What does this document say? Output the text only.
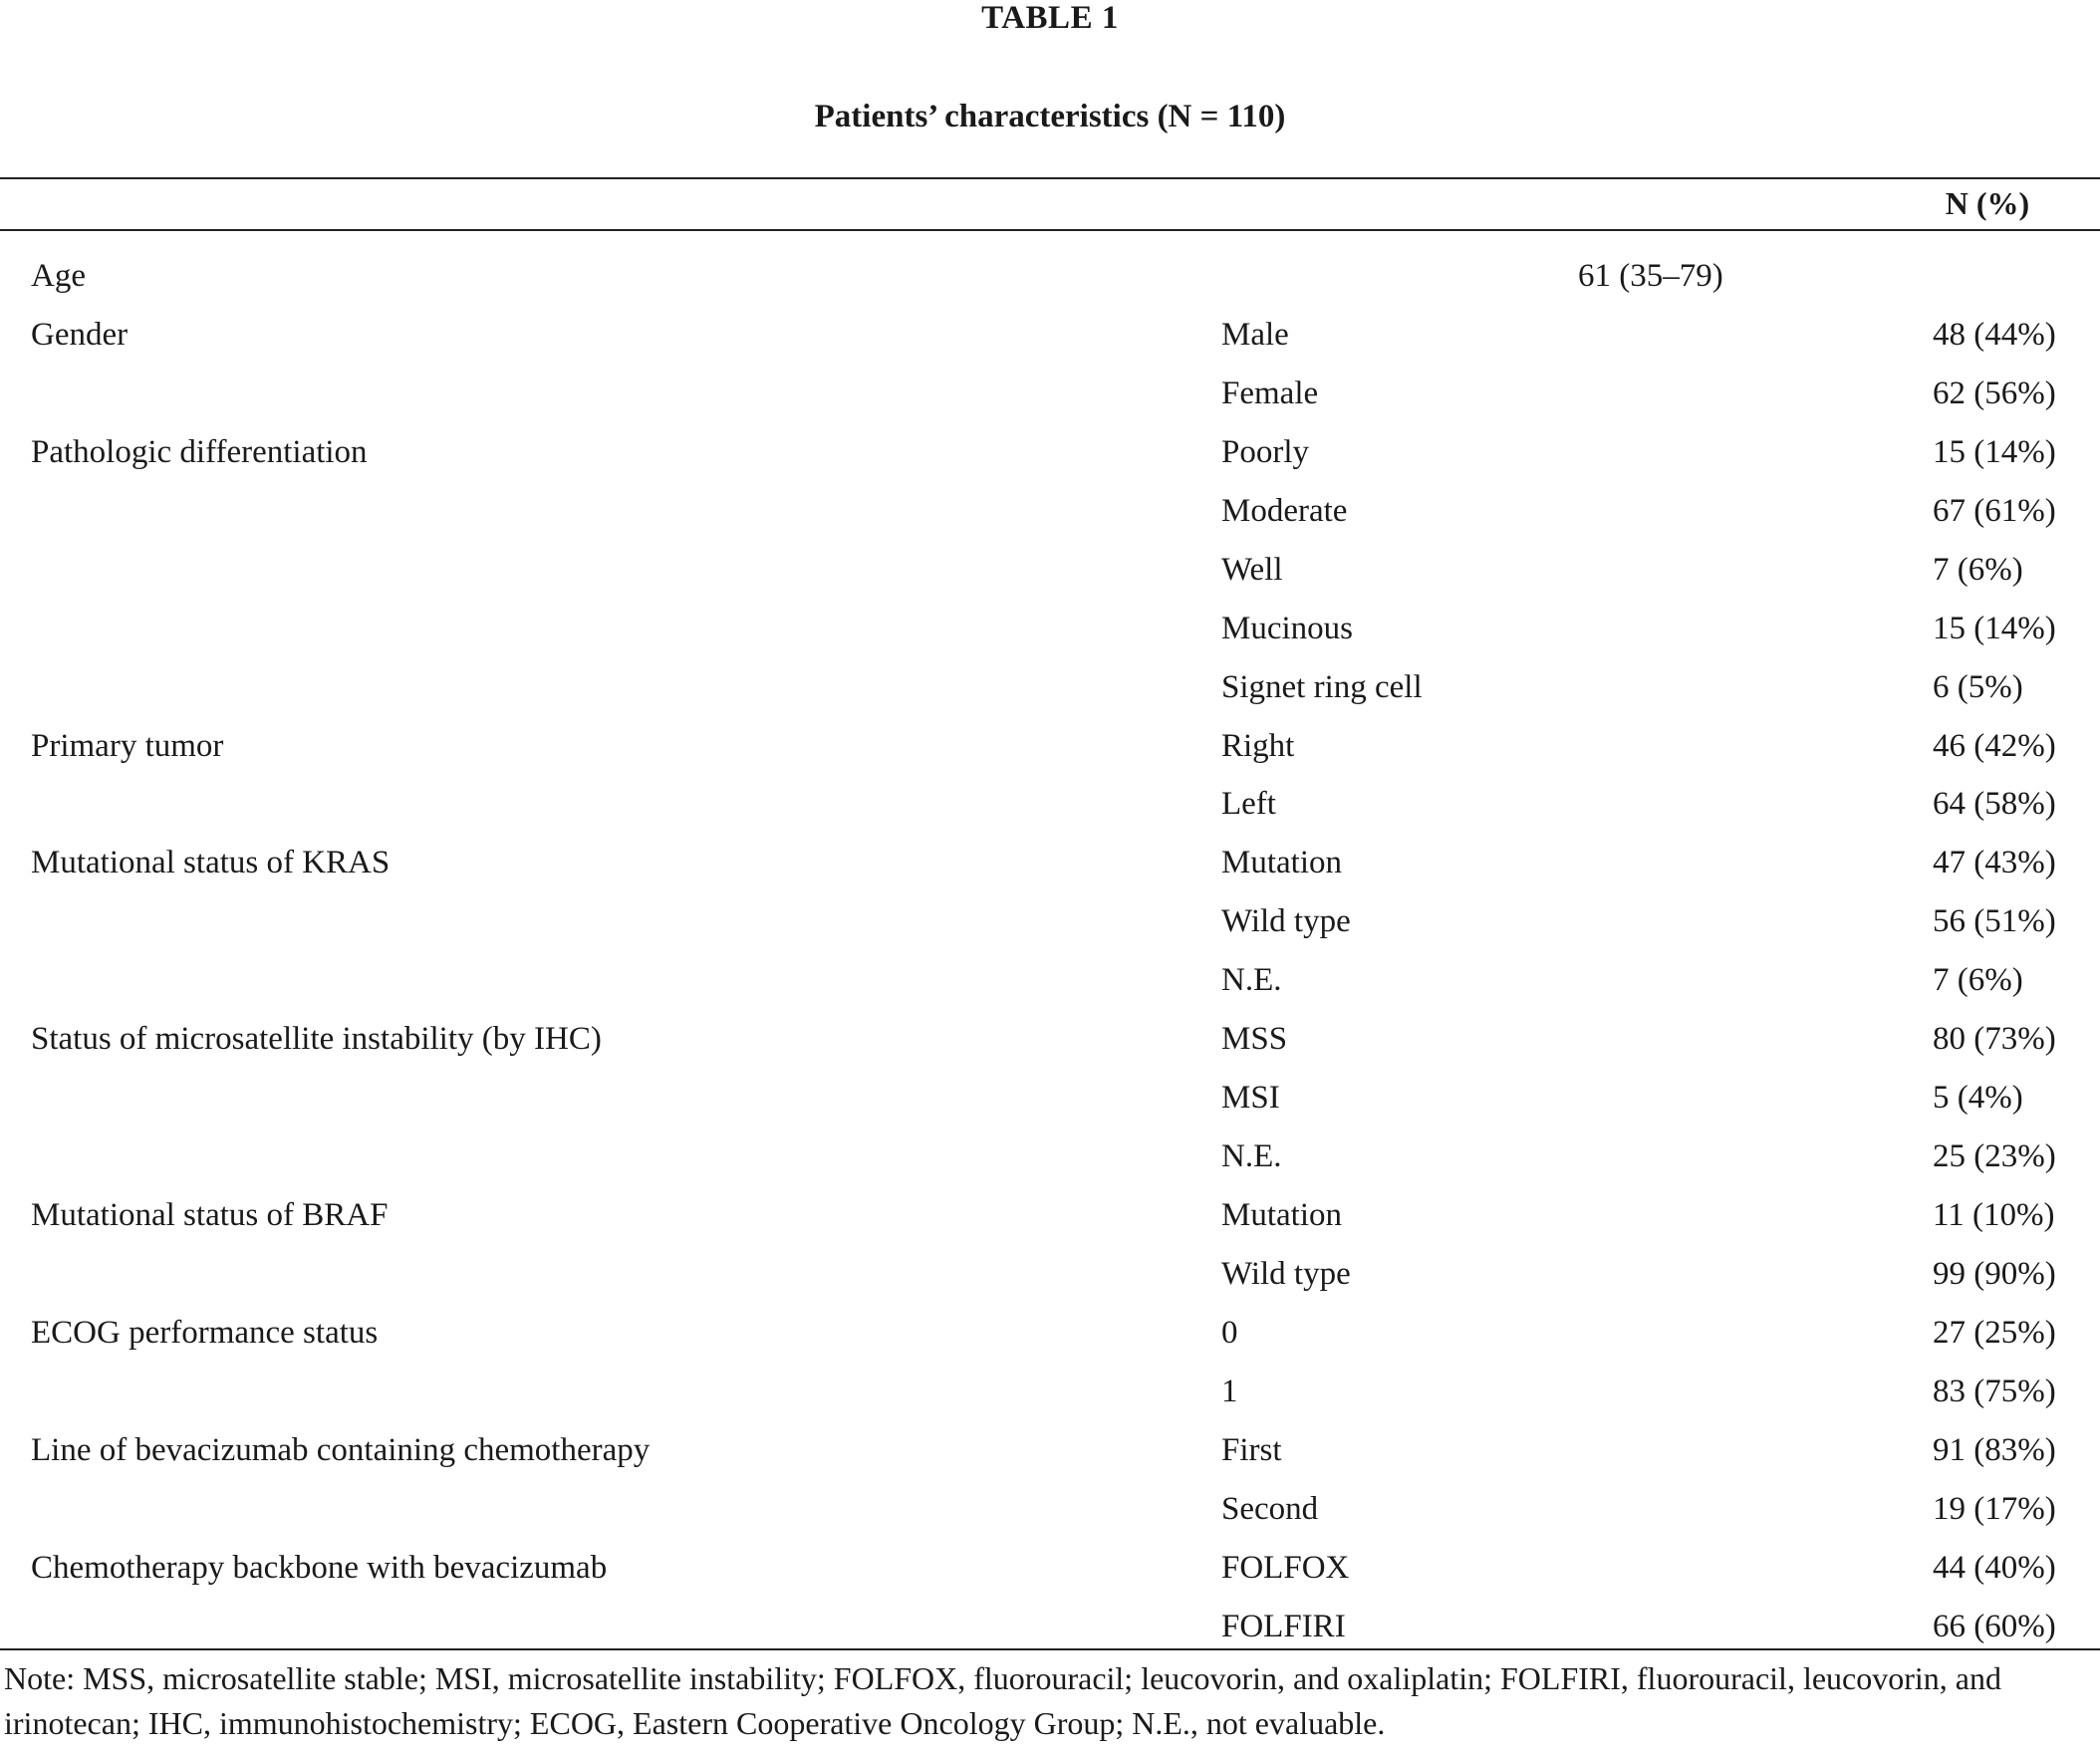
TABLE 1
Patients’ characteristics (N = 110)
N (%)
Age	61 (35–79)
Gender	Male	48 (44%)
Female	62 (56%)
Pathologic differentiation	Poorly	15 (14%)
Moderate	67 (61%)
Well	7 (6%)
Mucinous	15 (14%)
Signet ring cell	6 (5%)
Primary tumor	Right	46 (42%)
Left	64 (58%)
Mutational status of KRAS	Mutation	47 (43%)
Wild type	56 (51%)
N.E.	7 (6%)
Status of microsatellite instability (by IHC)	MSS	80 (73%)
MSI	5 (4%)
N.E.	25 (23%)
Mutational status of BRAF	Mutation	11 (10%)
Wild type	99 (90%)
ECOG performance status	0	27 (25%)
1	83 (75%)
Line of bevacizumab containing chemotherapy	First	91 (83%)
Second	19 (17%)
Chemotherapy backbone with bevacizumab	FOLFOX	44 (40%)
FOLFIRI	66 (60%)
Note: MSS, microsatellite stable; MSI, microsatellite instability; FOLFOX, fluorouracil; leucovorin, and oxaliplatin; FOLFIRI, fluorouracil, leucovorin, and irinotecan; IHC, immunohistochemistry; ECOG, Eastern Cooperative Oncology Group; N.E., not evaluable.
